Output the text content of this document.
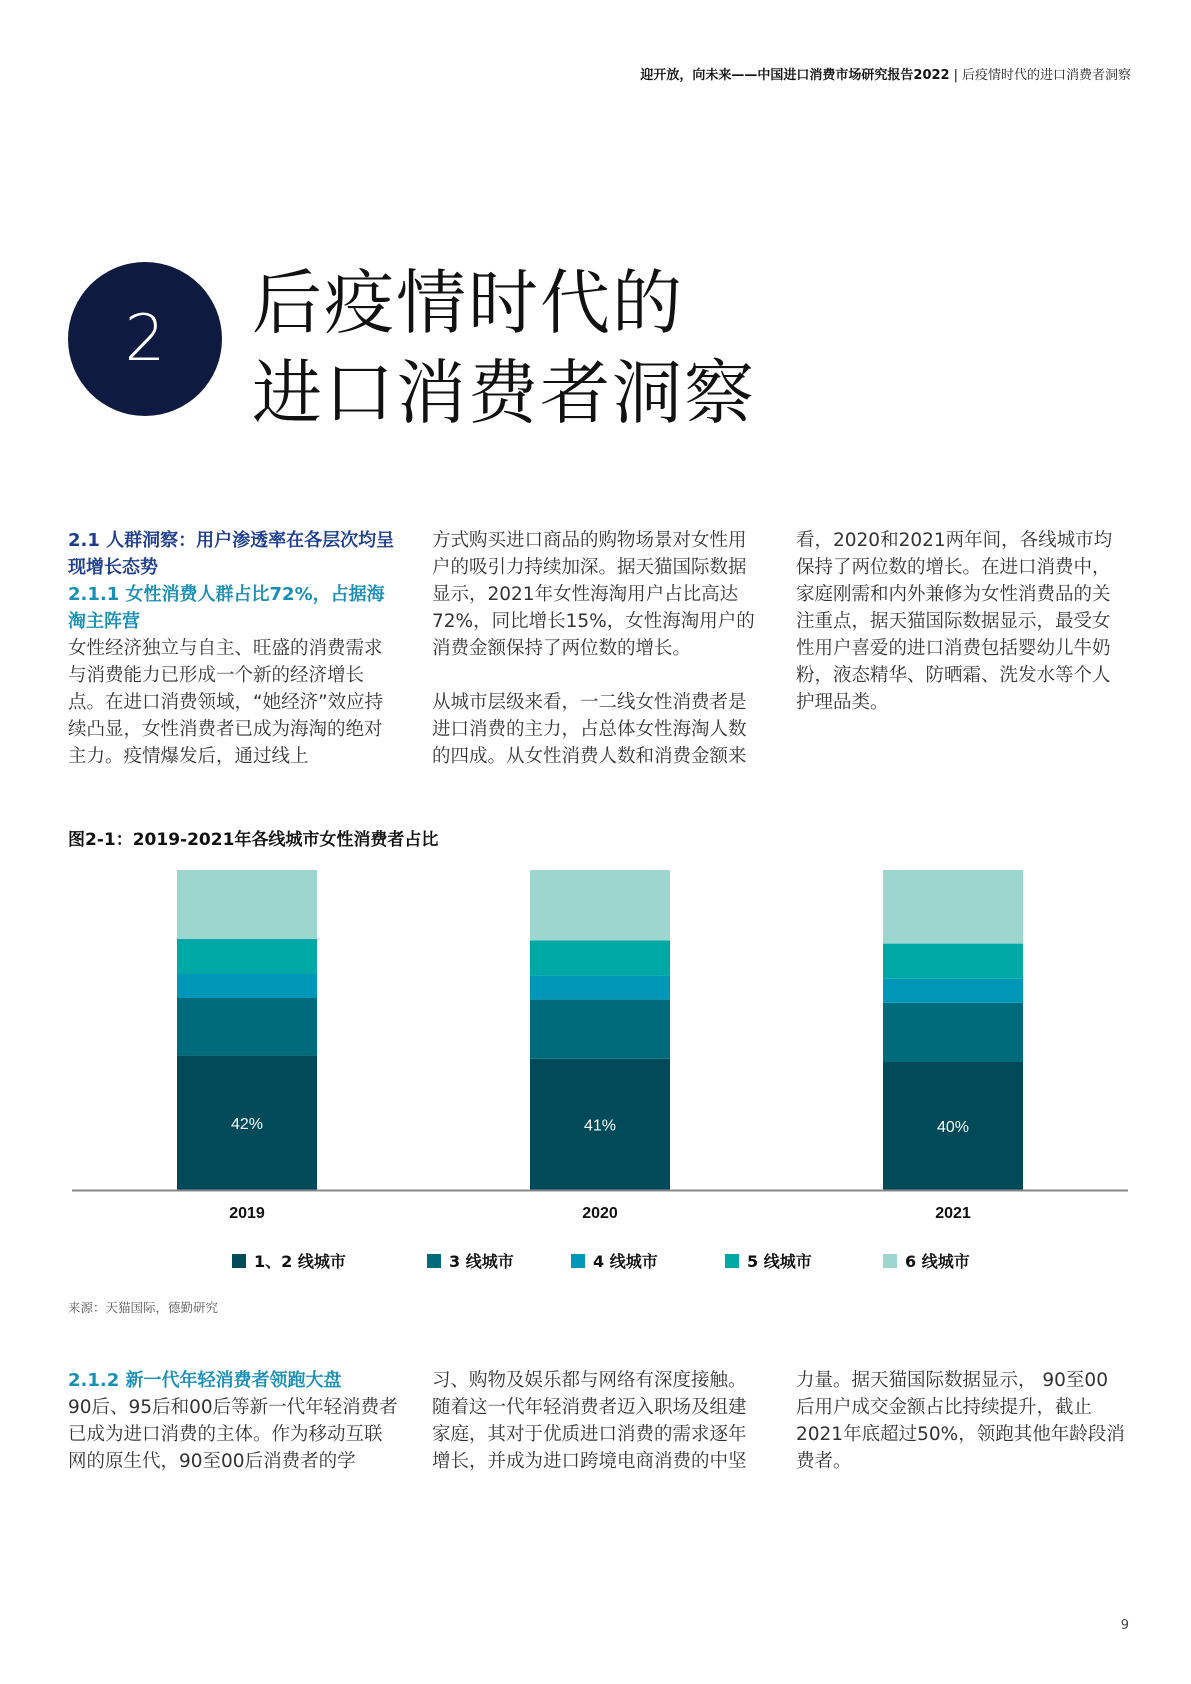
迎开放，向未来——中国进口消费市场研究报告2022 | 后疫情时代的进口消费者洞察
2 后疫情时代的
进口消费者洞察

2.1 人群洞察：用户渗透率在各层次均呈现增长态势

2.1.1 女性消费人群占比72%，占据海淘主阵营

女性经济独立与自主、旺盛的消费需求与消费能力已形成一个新的经济增长点。在进口消费领域，“她经济”效应持续凸显，女性消费者已成为海淘的绝对主力。疫情爆发后，通过线上

方式购买进口商品的购物场景对女性用户的吸引力持续加深。据天猫国际数据显示，2021年女性海淘用户占比高达72%，同比增长15%，女性海淘用户的消费金额保持了两位数的增长。

从城市层级来看，一二线女性消费者是进口消费的主力，占总体女性海淘人数的四成。从女性消费人数和消费金额来

看，2020和2021两年间，各线城市均保持了两位数的增长。在进口消费中，家庭刚需和内外兼修为女性消费品的关注重点，据天猫国际数据显示，最受女性用户喜爱的进口消费包括婴幼儿牛奶粉，液态精华、防晒霜、洗发水等个人护理品类。

图2-1：2019-2021年各线城市女性消费者占比
42%
2019
41%
2020
40%
2021
1、2 线城市	3 线城市	4 线城市	5 线城市	6 线城市
来源：天猫国际，德勤研究

2.1.2 新一代年轻消费者领跑大盘

90后、95后和00后等新一代年轻消费者已成为进口消费的主体。作为移动互联网的原生代，90至00后消费者的学

习、购物及娱乐都与网络有深度接触。随着这一代年轻消费者迈入职场及组建家庭，其对于优质进口消费的需求逐年增长，并成为进口跨境电商消费的中坚

力量。据天猫国际数据显示， 90至00后用户成交金额占比持续提升，截止2021年底超过50%，领跑其他年龄段消费者。

9
